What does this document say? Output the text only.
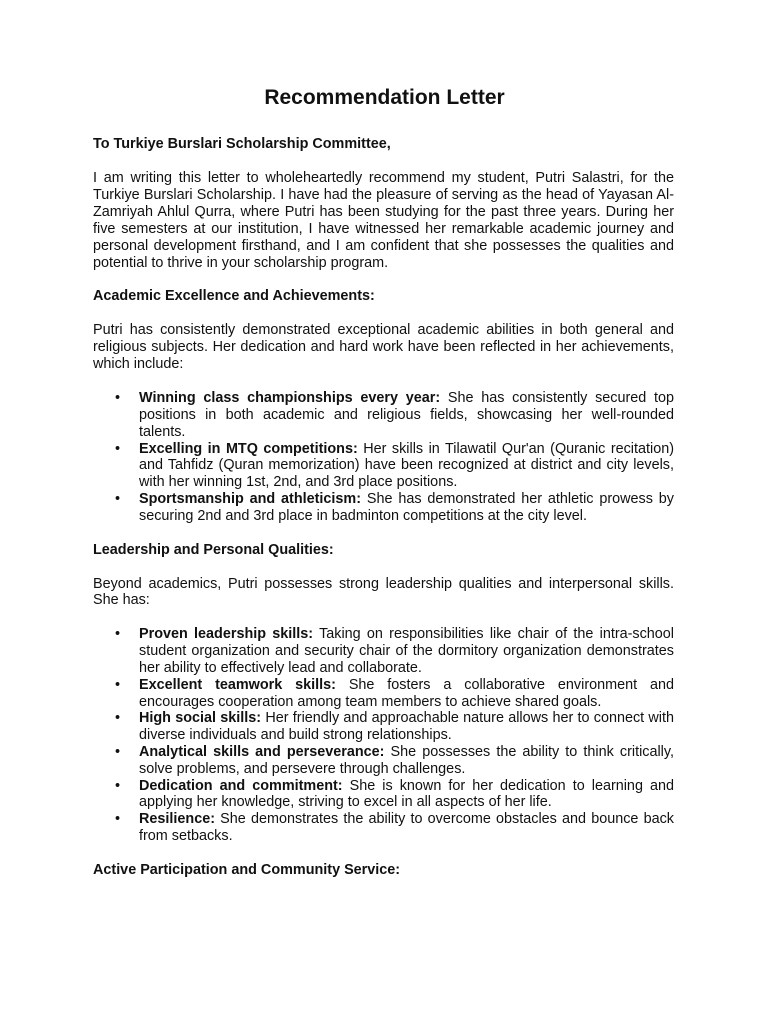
Recommendation Letter
To Turkiye Burslari Scholarship Committee,

I am writing this letter to wholeheartedly recommend my student, Putri Salastri, for the Turkiye Burslari Scholarship. I have had the pleasure of serving as the head of Yayasan Al-Zamriyah Ahlul Qurra, where Putri has been studying for the past three years. During her five semesters at our institution, I have witnessed her remarkable academic journey and personal development firsthand, and I am confident that she possesses the qualities and potential to thrive in your scholarship program.

Academic Excellence and Achievements:

Putri has consistently demonstrated exceptional academic abilities in both general and religious subjects. Her dedication and hard work have been reflected in her achievements, which include:

• Winning class championships every year: She has consistently secured top positions in both academic and religious fields, showcasing her well-rounded talents.
• Excelling in MTQ competitions: Her skills in Tilawatil Qur'an (Quranic recitation) and Tahfidz (Quran memorization) have been recognized at district and city levels, with her winning 1st, 2nd, and 3rd place positions.
• Sportsmanship and athleticism: She has demonstrated her athletic prowess by securing 2nd and 3rd place in badminton competitions at the city level.
Leadership and Personal Qualities:

Beyond academics, Putri possesses strong leadership qualities and interpersonal skills. She has:

• Proven leadership skills: Taking on responsibilities like chair of the intra-school student organization and security chair of the dormitory organization demonstrates her ability to effectively lead and collaborate.
• Excellent teamwork skills: She fosters a collaborative environment and encourages cooperation among team members to achieve shared goals.
• High social skills: Her friendly and approachable nature allows her to connect with diverse individuals and build strong relationships.
• Analytical skills and perseverance: She possesses the ability to think critically, solve problems, and persevere through challenges.
• Dedication and commitment: She is known for her dedication to learning and applying her knowledge, striving to excel in all aspects of her life.
• Resilience: She demonstrates the ability to overcome obstacles and bounce back from setbacks.
Active Participation and Community Service:
